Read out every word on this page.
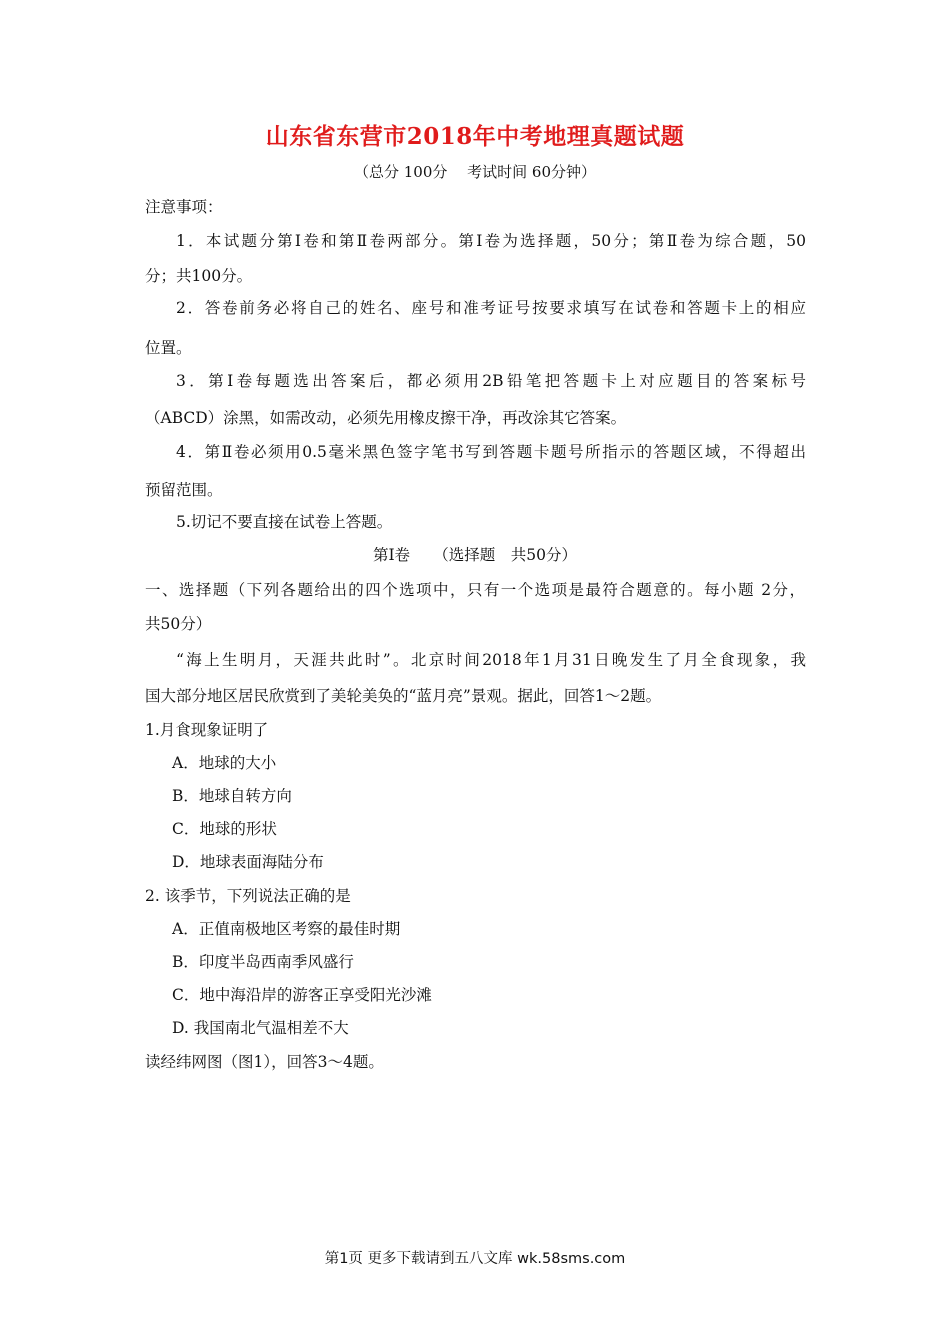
山东省东营市2018年中考地理真题试题
（总分 100分　 考试时间 60分钟）
注意事项：
1．本试题分第Ⅰ卷和第Ⅱ卷两部分。第Ⅰ卷为选择题，50分；第Ⅱ卷为综合题，50
分；共100分。
2．答卷前务必将自己的姓名、座号和准考证号按要求填写在试卷和答题卡上的相应
位置。
3．第Ⅰ卷每题选出答案后，都必须用2B铅笔把答题卡上对应题目的答案标号
（ABCD）涂黑，如需改动，必须先用橡皮擦干净，再改涂其它答案。
4．第Ⅱ卷必须用0.5毫米黑色签字笔书写到答题卡题号所指示的答题区域，不得超出
预留范围。
5.切记不要直接在试卷上答题。
第Ⅰ卷　　（选择题　共50分）
一、选择题（下列各题给出的四个选项中，只有一个选项是最符合题意的。每小题 2分，
共50分）
“海上生明月，天涯共此时”。北京时间2018年1月31日晚发生了月全食现象，我
国大部分地区居民欣赏到了美轮美奂的“蓝月亮”景观。据此，回答1～2题。
1.月食现象证明了
A．地球的大小
B．地球自转方向
C．地球的形状
D．地球表面海陆分布
2. 该季节，下列说法正确的是
A．正值南极地区考察的最佳时期
B．印度半岛西南季风盛行
C．地中海沿岸的游客正享受阳光沙滩
D. 我国南北气温相差不大
读经纬网图（图1），回答3～4题。
第1页 更多下载请到五八文库 wk.58sms.com
